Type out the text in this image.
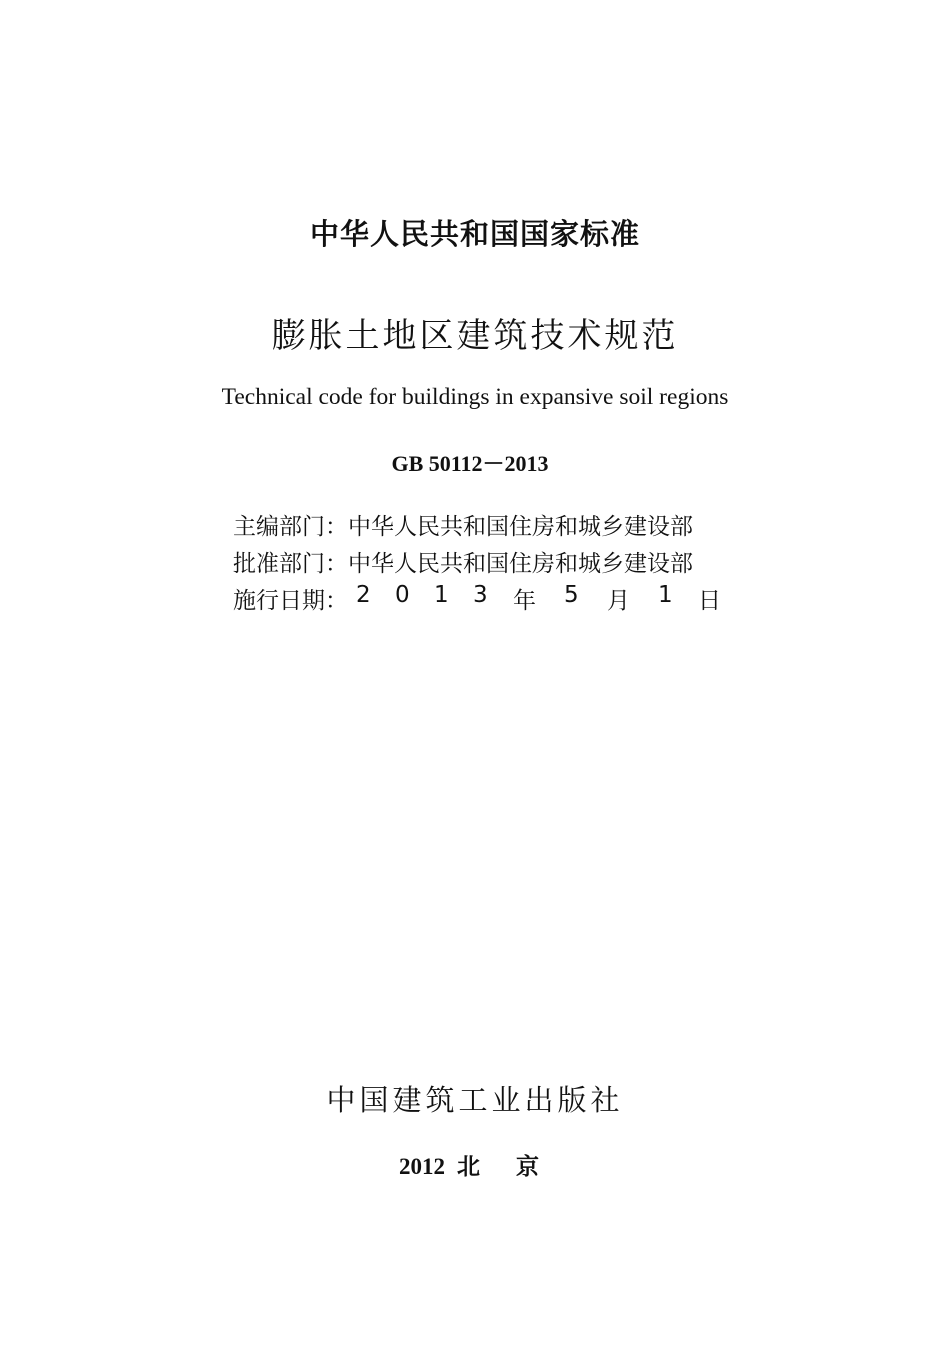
中华人民共和国国家标准
膨胀土地区建筑技术规范
Technical code for buildings in expansive soil regions
GB 50112－2013
主编部门：中华人民共和国住房和城乡建设部
批准部门：中华人民共和国住房和城乡建设部
施行日期： 2 0 1 3 年 5 月 1 日
中国建筑工业出版社
2012 北 京
